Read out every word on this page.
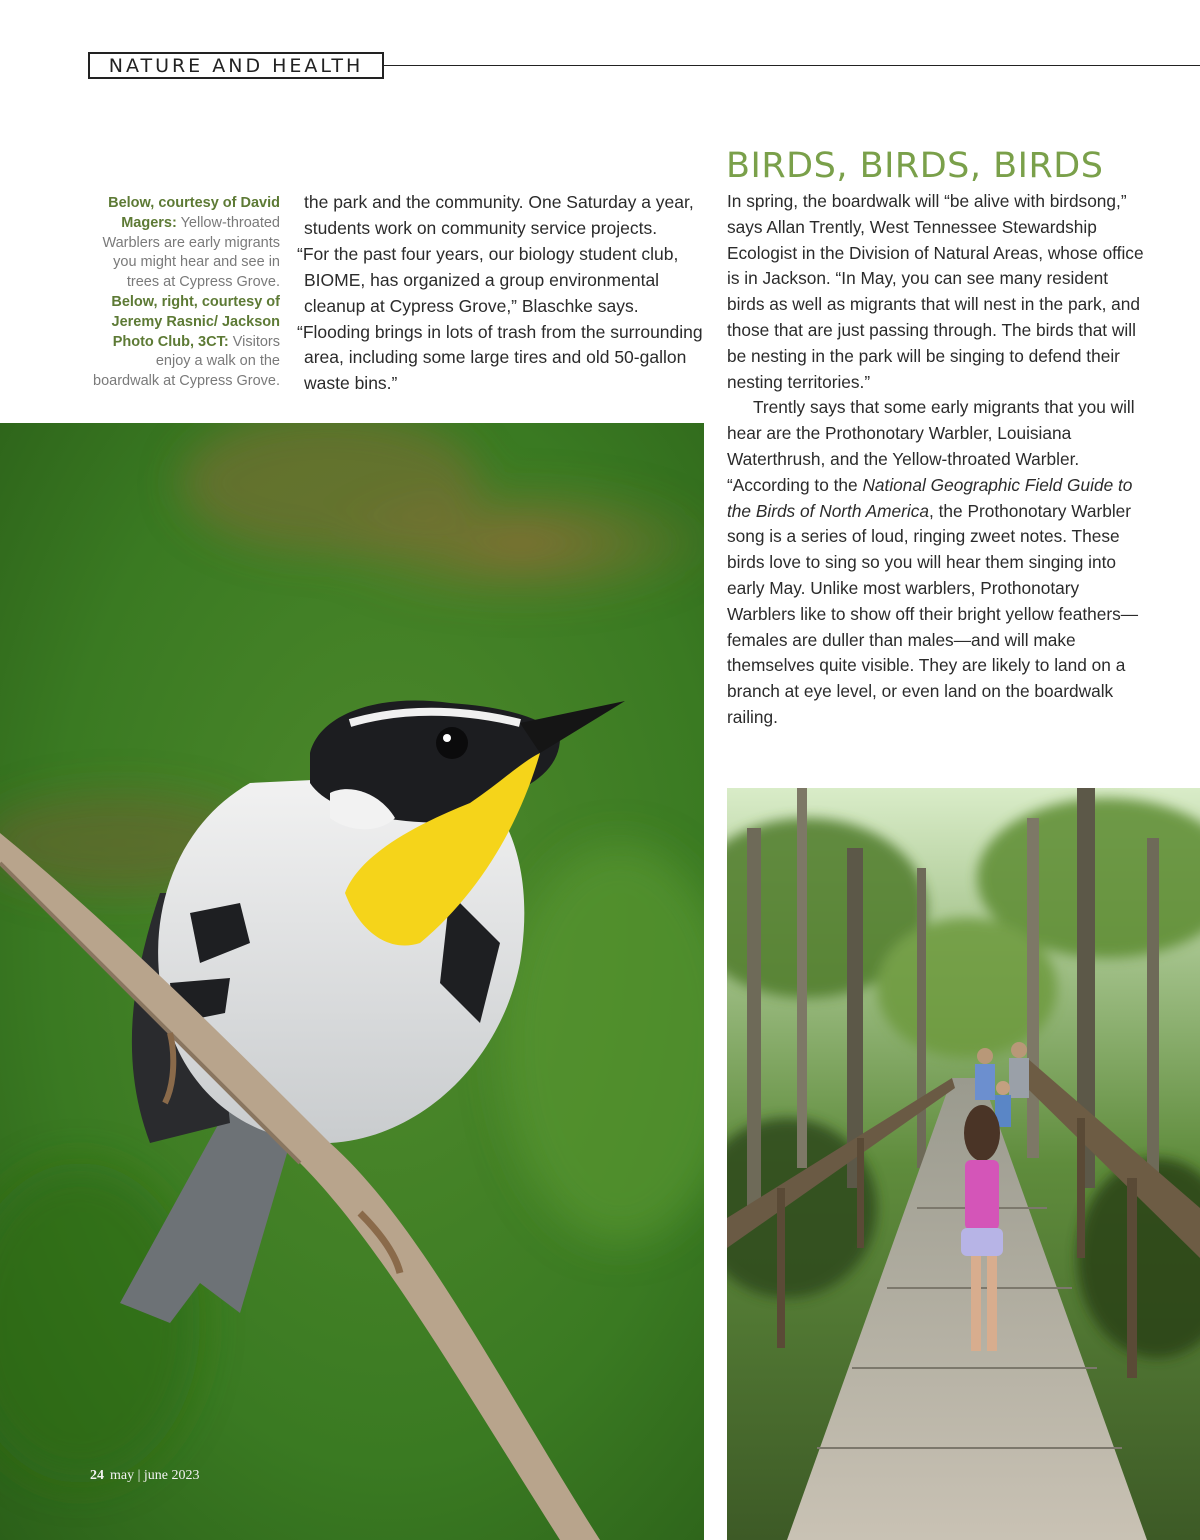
NATURE AND HEALTH
Below, courtesy of David Magers: Yellow-throated Warblers are early migrants you might hear and see in trees at Cypress Grove. Below, right, courtesy of Jeremy Rasnic/ Jackson Photo Club, 3CT: Visitors enjoy a walk on the boardwalk at Cypress Grove.

the park and the community. One Saturday a year, students work on community service projects.

“For the past four years, our biology student club, BIOME, has organized a group environmental cleanup at Cypress Grove,” Blaschke says.

“Flooding brings in lots of trash from the surrounding area, including some large tires and old 50-gallon waste bins.”

BIRDS, BIRDS, BIRDS

In spring, the boardwalk will “be alive with birdsong,” says Allan Trently, West Tennessee Stewardship Ecologist in the Division of Natural Areas, whose office is in Jackson. “In May, you can see many resident birds as well as migrants that will nest in the park, and those that are just passing through. The birds that will be nesting in the park will be singing to defend their nesting territories.”

Trently says that some early migrants that you will hear are the Prothonotary Warbler, Louisiana Waterthrush, and the Yellow-throated Warbler. “According to the National Geographic Field Guide to the Birds of North America, the Prothonotary Warbler song is a series of loud, ringing zweet notes. These birds love to sing so you will hear them singing into early May. Unlike most warblers, Prothonotary Warblers like to show off their bright yellow feathers—females are duller than males—and will make themselves quite visible. They are likely to land on a branch at eye level, or even land on the boardwalk railing.

24 may | june 2023
